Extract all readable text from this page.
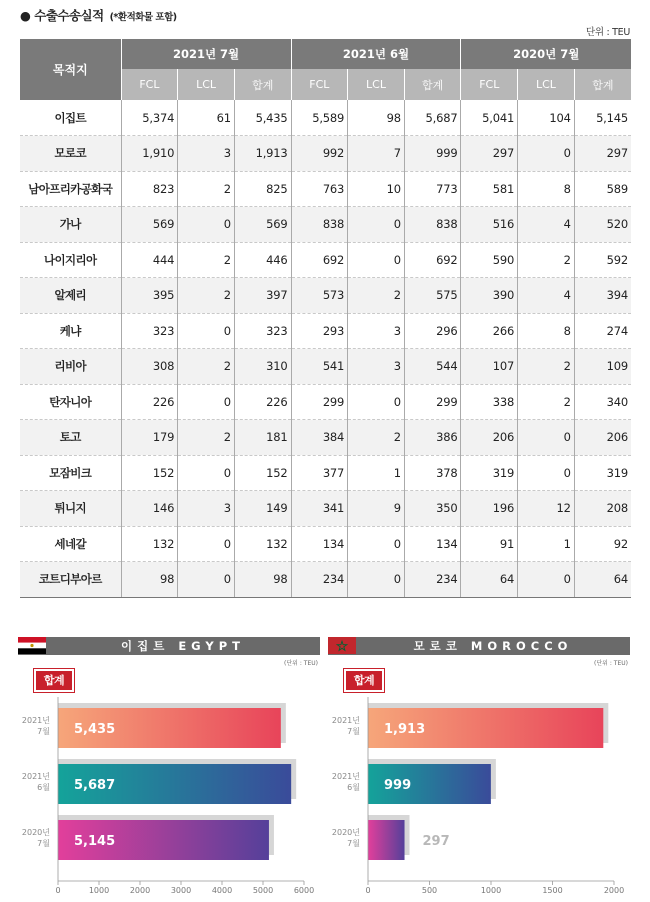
● 수출수송실적 (*환적화물 포함)
단위 : TEU
목적지	2021년 7월			2021년 6월			2020년 7월		
	FCL	LCL	합계	FCL	LCL	합계	FCL	LCL	합계
이집트	5,374	61	5,435	5,589	98	5,687	5,041	104	5,145
모로코	1,910	3	1,913	992	7	999	297	0	297
남아프리카공화국	823	2	825	763	10	773	581	8	589
가나	569	0	569	838	0	838	516	4	520
나이지리아	444	2	446	692	0	692	590	2	592
알제리	395	2	397	573	2	575	390	4	394
케냐	323	0	323	293	3	296	266	8	274
리비아	308	2	310	541	3	544	107	2	109
탄자니아	226	0	226	299	0	299	338	2	340
토고	179	2	181	384	2	386	206	0	206
모잠비크	152	0	152	377	1	378	319	0	319
튀니지	146	3	149	341	9	350	196	12	208
세네갈	132	0	132	134	0	134	91	1	92
코트디부아르	98	0	98	234	0	234	64	0	64
이집트 EGYPT
(단위 : TEU)
합계
5,435
2021년
7월
5,687
2021년
6월
5,145
2020년
7월
0	1000	2000	3000	4000	5000	6000
모로코 MOROCCO
(단위 : TEU)
합계
1,913
2021년
7월
999
2021년
6월
297
2020년
7월
0	500	1000	1500	2000
